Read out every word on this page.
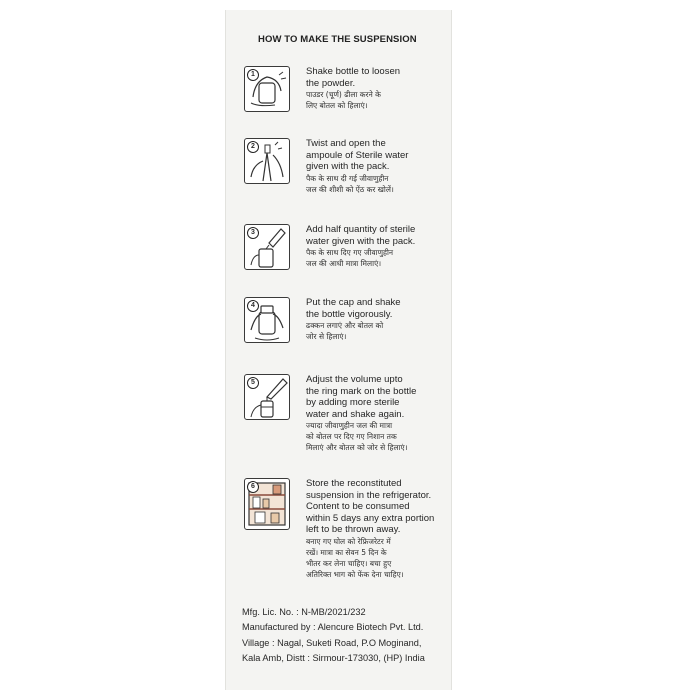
HOW TO MAKE THE SUSPENSION
1	Shake bottle to loosen
the powder.
पाउडर (चूर्ण) ढीला करने के
लिए बोतल को हिलाएं।
2	Twist and open the
ampoule of Sterile water
given with the pack.
पैक के साथ दी गई जीवाणुहीन
जल की शीशी को ऐंठ कर खोलें।
3	Add half quantity of sterile
water given with the pack.
पैक के साथ दिए गए जीवाणुहीन
जल की आधी मात्रा मिलाएं।
4	Put the cap and shake
the bottle vigorously.
ढक्कन लगाएं और बोतल को
जोर से हिलाएं।
5	Adjust the volume upto
the ring mark on the bottle
by adding more sterile
water and shake again.
ज्यादा जीवाणुहीन जल की मात्रा
को बोतल पर दिए गए निशान तक
मिलाएं और बोतल को जोर से हिलाएं।
6	Store the reconstituted
suspension in the refrigerator.
Content to be consumed
within 5 days any extra portion
left to be thrown away.
बनाए गए घोल को रेफ्रिजरेटर में
रखें। मात्रा का सेवन 5 दिन के
भीतर कर लेना चाहिए। बचा हुए
अतिरिक्त भाग को फेंक देना चाहिए।
Mfg. Lic. No. : N-MB/2021/232
Manufactured by : Alencure Biotech Pvt. Ltd.
Village : Nagal, Suketi Road, P.O Moginand,
Kala Amb, Distt : Sirmour-173030, (HP) India
